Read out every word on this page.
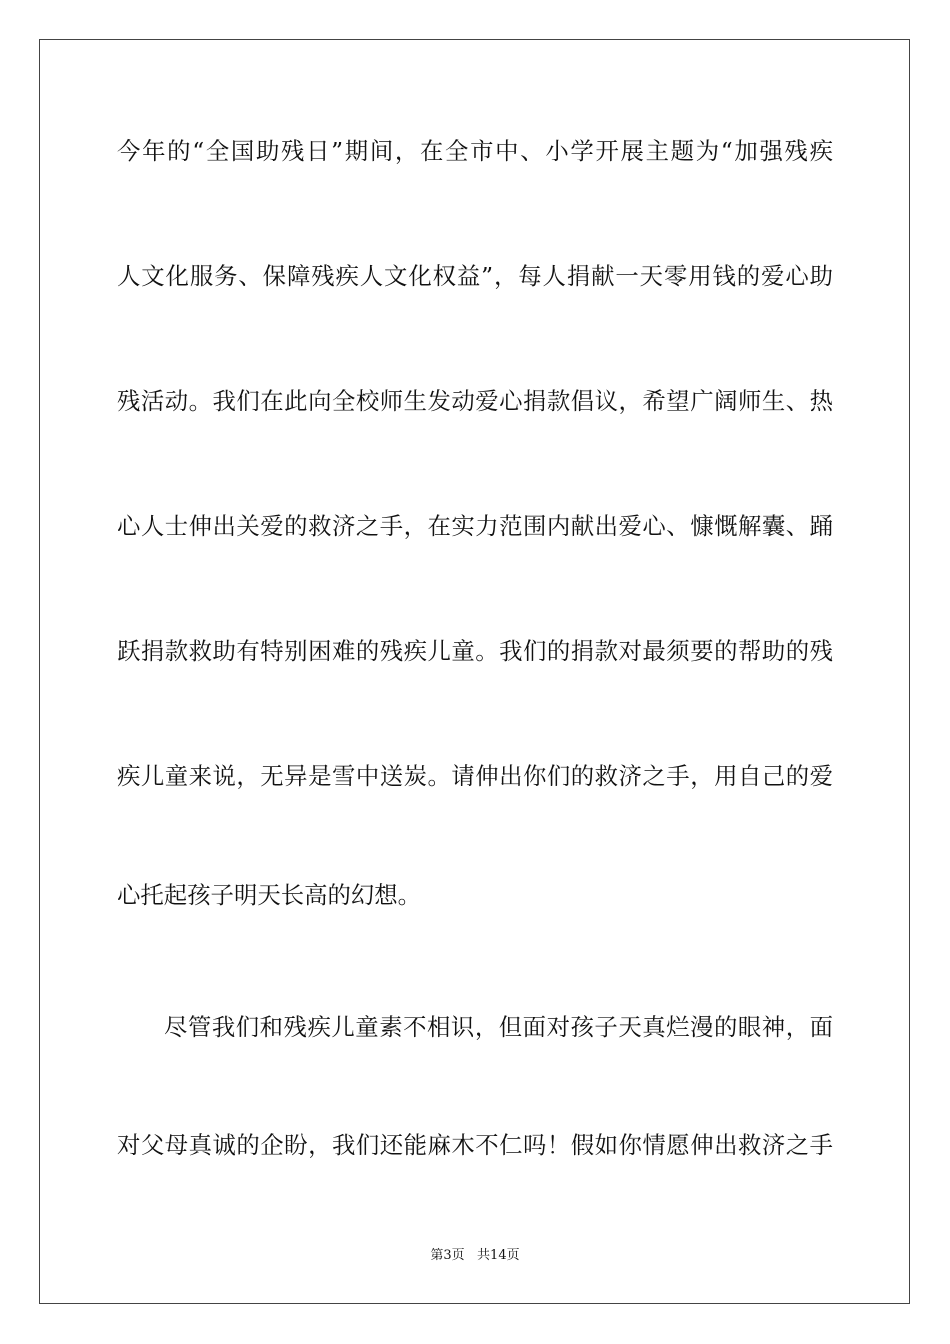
今年的“全国助残日”期间，在全市中、小学开展主题为“加强残疾
人文化服务、保障残疾人文化权益”，每人捐献一天零用钱的爱心助
残活动。我们在此向全校师生发动爱心捐款倡议，希望广阔师生、热
心人士伸出关爱的救济之手，在实力范围内献出爱心、慷慨解囊、踊
跃捐款救助有特别困难的残疾儿童。我们的捐款对最须要的帮助的残
疾儿童来说，无异是雪中送炭。请伸出你们的救济之手，用自己的爱
心托起孩子明天长高的幻想。
尽管我们和残疾儿童素不相识，但面对孩子天真烂漫的眼神，面
对父母真诚的企盼，我们还能麻木不仁吗！假如你情愿伸出救济之手
第3页   共14页
